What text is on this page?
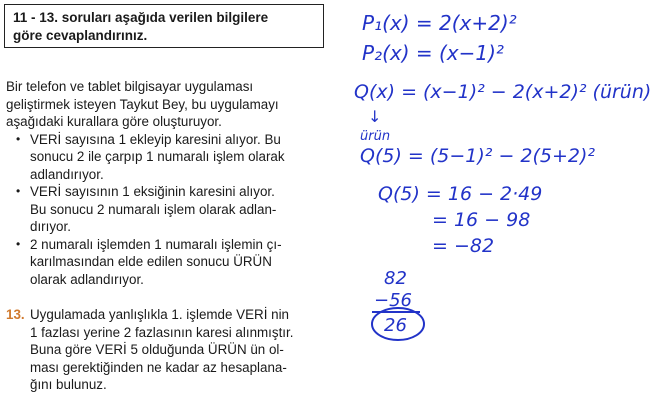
11 - 13. soruları aşağıda verilen bilgilere
göre cevaplandırınız.

Bir telefon ve tablet bilgisayar uygulaması

geliştirmek isteyen Taykut Bey, bu uygulamayı

aşağıdaki kurallara göre oluşturuyor.

• VERİ sayısına 1 ekleyip karesini alıyor. Bu
sonucu 2 ile çarpıp 1 numaralı işlem olarak
adlandırıyor.
• VERİ sayısının 1 eksiğinin karesini alıyor.
Bu sonucu 2 numaralı işlem olarak adlan-
dırıyor.
• 2 numaralı işlemden 1 numaralı işlemin çı-
karılmasından elde edilen sonucu ÜRÜN
olarak adlandırıyor.
13. Uygulamada yanlışlıkla 1. işlemde VERİ nin
1 fazlası yerine 2 fazlasının karesi alınmıştır.
Buna göre VERİ 5 olduğunda ÜRÜN ün ol-
ması gerektiğinden ne kadar az hesaplana-
ğını bulunuz.
P₁(x) = 2(x+2)²
P₂(x) = (x−1)²
Q(x) = (x−1)² − 2(x+2)² (ürün)
↓
ürün
Q(5) = (5−1)² − 2(5+2)²
Q(5) = 16 − 2·49
= 16 − 98
= −82
82
−56
26
